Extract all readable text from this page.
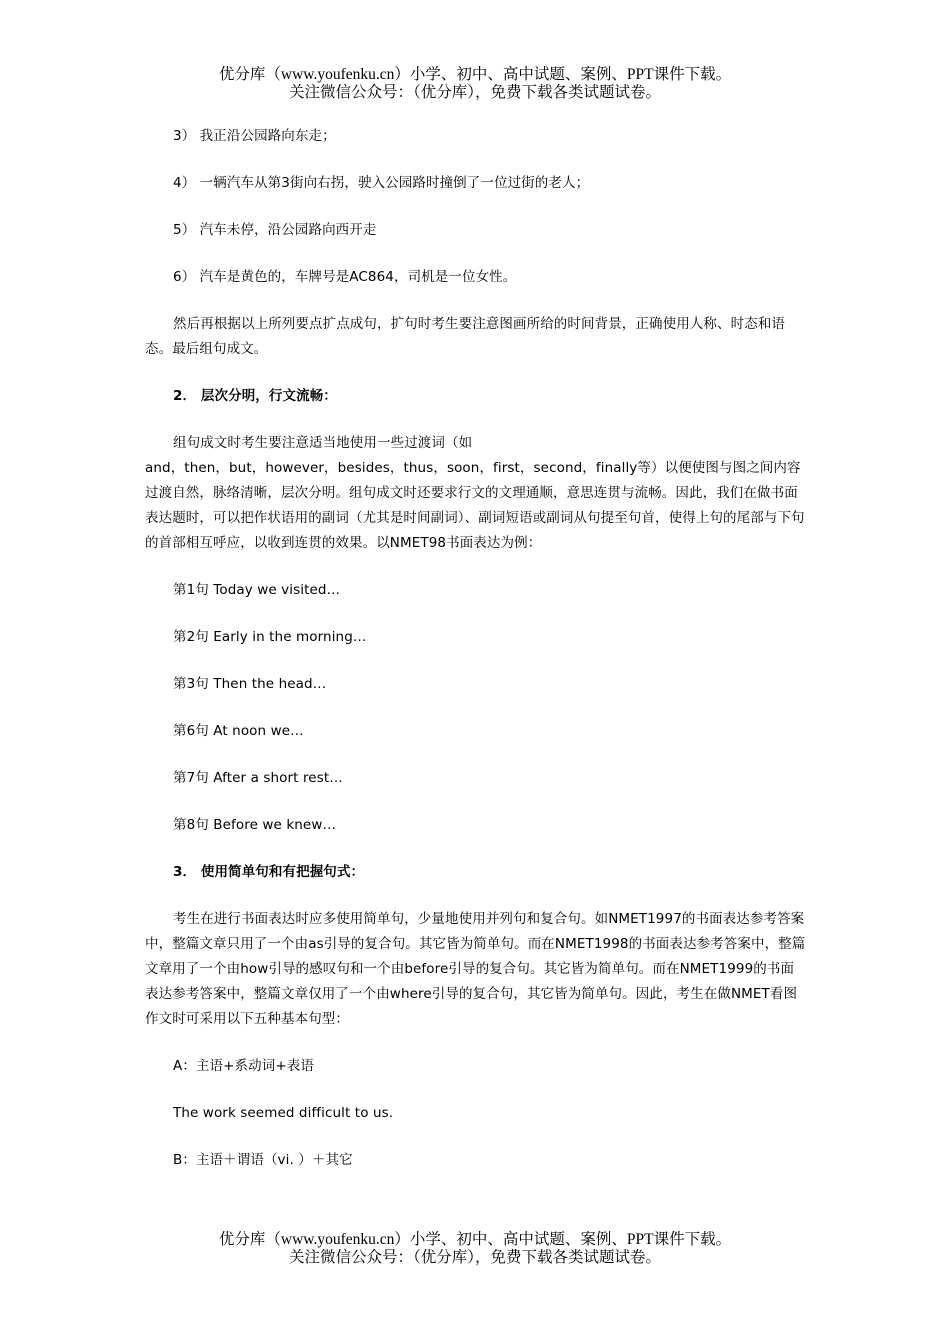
优分库（www.youfenku.cn）小学、初中、高中试题、案例、PPT课件下载。
关注微信公众号：（优分库），免费下载各类试题试卷。

3） 我正沿公园路向东走；

4） 一辆汽车从第3街向右拐，驶入公园路时撞倒了一位过街的老人；

5） 汽车未停，沿公园路向西开走

6） 汽车是黄色的，车牌号是AC864，司机是一位女性。

然后再根据以上所列要点扩点成句，扩句时考生要注意图画所给的时间背景，正确使用人称、时态和语态。最后组句成文。

2． 层次分明，行文流畅：

组句成文时考生要注意适当地使用一些过渡词（如
and，then，but，however，besides，thus，soon，first，second，finally等）以便使图与图之间内容过渡自然，脉络清晰，层次分明。组句成文时还要求行文的文理通顺，意思连贯与流畅。因此，我们在做书面表达题时，可以把作状语用的副词（尤其是时间副词）、副词短语或副词从句提至句首，使得上句的尾部与下句的首部相互呼应，以收到连贯的效果。以NMET98书面表达为例：

第1句 Today we visited…

第2句 Early in the morning…

第3句 Then the head…

第6句 At noon we…

第7句 After a short rest…

第8句 Before we knew…

3． 使用简单句和有把握句式：

考生在进行书面表达时应多使用简单句，少量地使用并列句和复合句。如NMET1997的书面表达参考答案中，整篇文章只用了一个由as引导的复合句。其它皆为简单句。而在NMET1998的书面表达参考答案中，整篇文章用了一个由how引导的感叹句和一个由before引导的复合句。其它皆为简单句。而在NMET1999的书面表达参考答案中，整篇文章仅用了一个由where引导的复合句，其它皆为简单句。因此，考生在做NMET看图作文时可采用以下五种基本句型：

A：主语+系动词+表语

The work seemed difficult to us.

B：主语＋谓语（vi. ）＋其它

优分库（www.youfenku.cn）小学、初中、高中试题、案例、PPT课件下载。
关注微信公众号：（优分库），免费下载各类试题试卷。
